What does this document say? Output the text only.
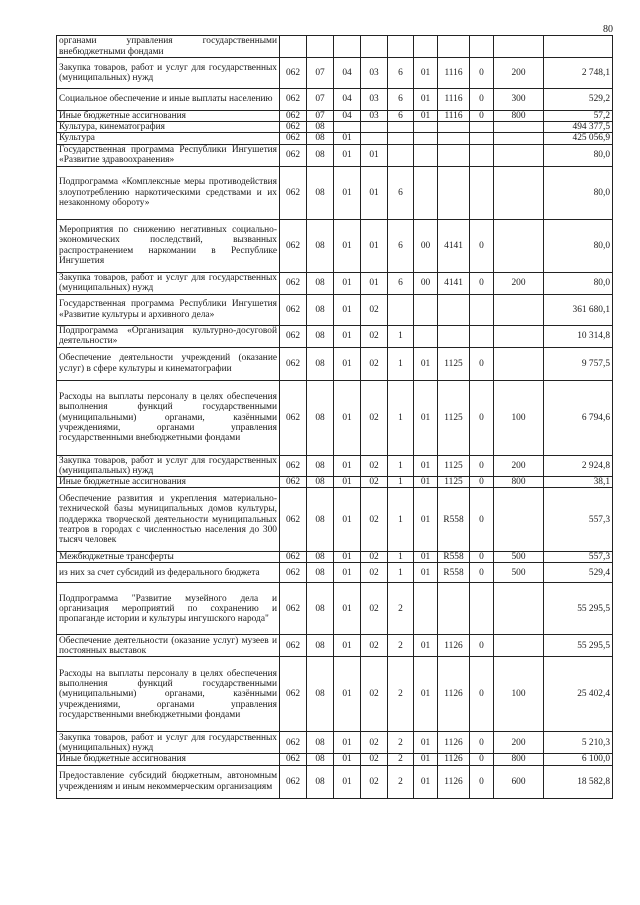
80
органами управления государственными внебюджетными фондами										
Закупка товаров, работ и услуг для государственных (муниципальных) нужд	062	07	04	03	6	01	1116	0	200	2 748,1
Социальное обеспечение и иные выплаты населению	062	07	04	03	6	01	1116	0	300	529,2
Иные бюджетные ассигнования	062	07	04	03	6	01	1116	0	800	57,2
Культура, кинематография	062	08								494 377,5
Культура	062	08	01							425 056,9
Государственная программа Республики Ингушетия «Развитие здравоохранения»	062	08	01	01						80,0
Подпрограмма «Комплексные меры противодействия злоупотреблению наркотическими средствами и их незаконному обороту»	062	08	01	01	6					80,0
Мероприятия по снижению негативных социально-экономических последствий, вызванных распространением наркомании в Республике Ингушетия	062	08	01	01	6	00	4141	0		80,0
Закупка товаров, работ и услуг для государственных (муниципальных) нужд	062	08	01	01	6	00	4141	0	200	80,0
Государственная программа Республики Ингушетия «Развитие культуры и архивного дела»	062	08	01	02						361 680,1
Подпрограмма «Организация культурно-досуговой деятельности»	062	08	01	02	1					10 314,8
Обеспечение деятельности учреждений (оказание услуг) в сфере культуры и кинематографии	062	08	01	02	1	01	1125	0		9 757,5
Расходы на выплаты персоналу в целях обеспечения выполнения функций государственными (муниципальными) органами, казёнными учреждениями, органами управления государственными внебюджетными фондами	062	08	01	02	1	01	1125	0	100	6 794,6
Закупка товаров, работ и услуг для государственных (муниципальных) нужд	062	08	01	02	1	01	1125	0	200	2 924,8
Иные бюджетные ассигнования	062	08	01	02	1	01	1125	0	800	38,1
Обеспечение развития и укрепления материально-технической базы муниципальных домов культуры, поддержка творческой деятельности муниципальных театров в городах с численностью населения до 300 тысяч человек	062	08	01	02	1	01	R558	0		557,3
Межбюджетные трансферты	062	08	01	02	1	01	R558	0	500	557,3
из них за счет субсидий из федерального бюджета	062	08	01	02	1	01	R558	0	500	529,4
Подпрограмма "Развитие музейного дела и организация мероприятий по сохранению и пропаганде истории и культуры ингушского народа"	062	08	01	02	2					55 295,5
Обеспечение деятельности (оказание услуг) музеев и постоянных выставок	062	08	01	02	2	01	1126	0		55 295,5
Расходы на выплаты персоналу в целях обеспечения выполнения функций государственными (муниципальными) органами, казёнными учреждениями, органами управления государственными внебюджетными фондами	062	08	01	02	2	01	1126	0	100	25 402,4
Закупка товаров, работ и услуг для государственных (муниципальных) нужд	062	08	01	02	2	01	1126	0	200	5 210,3
Иные бюджетные ассигнования	062	08	01	02	2	01	1126	0	800	6 100,0
Предоставление субсидий бюджетным, автономным учреждениям и иным некоммерческим организациям	062	08	01	02	2	01	1126	0	600	18 582,8
